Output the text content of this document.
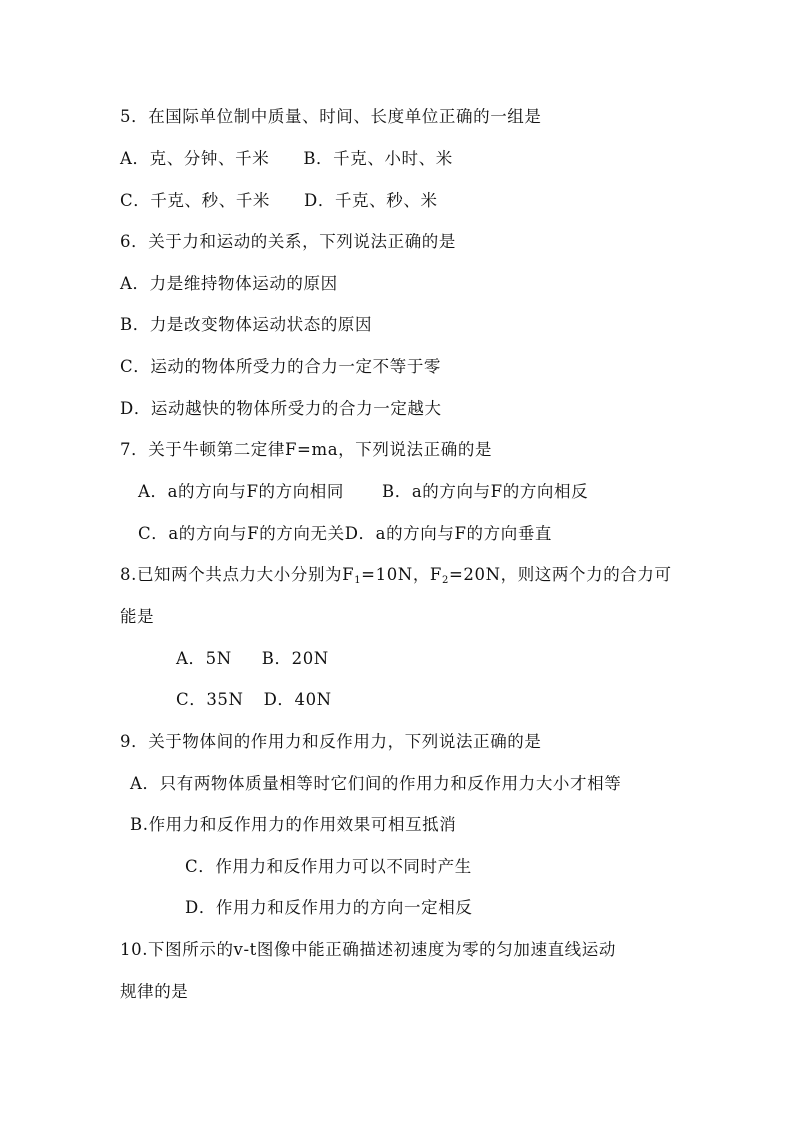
5．在国际单位制中质量、时间、长度单位正确的一组是
A．克、分钟、千米 B．千克、小时、米
C．千克、秒、千米 D．千克、秒、米
6．关于力和运动的关系，下列说法正确的是
A．力是维持物体运动的原因
B．力是改变物体运动状态的原因
C．运动的物体所受力的合力一定不等于零
D．运动越快的物体所受力的合力一定越大
7．关于牛顿第二定律F=ma，下列说法正确的是
A．a的方向与F的方向相同 B．a的方向与F的方向相反
C．a的方向与F的方向无关D．a的方向与F的方向垂直
8.已知两个共点力大小分别为$F_1=10N$，$F_2=20N$，则这两个力的合力可
能是
A．5N B．20N
C．35N D．40N
9．关于物体间的作用力和反作用力，下列说法正确的是
A．只有两物体质量相等时它们间的作用力和反作用力大小才相等
B.作用力和反作用力的作用效果可相互抵消
C．作用力和反作用力可以不同时产生
D．作用力和反作用力的方向一定相反
10.下图所示的v-t图像中能正确描述初速度为零的匀加速直线运动
规律的是
